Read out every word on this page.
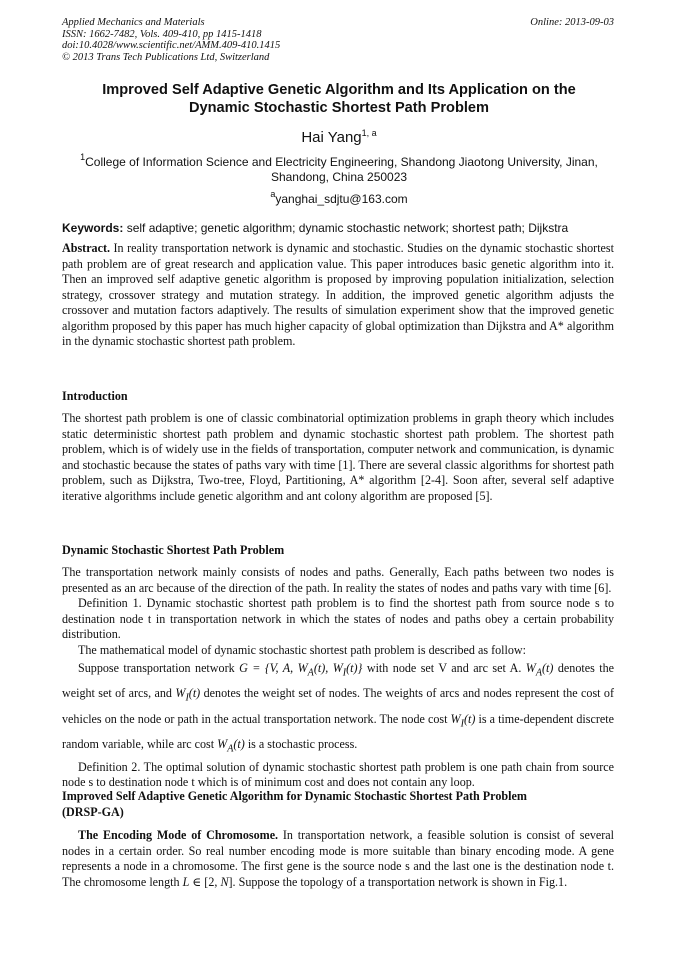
Applied Mechanics and Materials
ISSN: 1662-7482, Vols. 409-410, pp 1415-1418
doi:10.4028/www.scientific.net/AMM.409-410.1415
© 2013 Trans Tech Publications Ltd, Switzerland
Online: 2013-09-03
Improved Self Adaptive Genetic Algorithm and Its Application on the
Dynamic Stochastic Shortest Path Problem
Hai Yang$^{1, a}$
$^1$College of Information Science and Electricity Engineering, Shandong Jiaotong University, Jinan,
Shandong, China 250023
$^a$yanghai_sdjtu@163.com
Keywords: self adaptive; genetic algorithm; dynamic stochastic network; shortest path; Dijkstra

Abstract. In reality transportation network is dynamic and stochastic. Studies on the dynamic stochastic shortest path problem are of great research and application value. This paper introduces basic genetic algorithm into it. Then an improved self adaptive genetic algorithm is proposed by improving population initialization, selection strategy, crossover strategy and mutation strategy. In addition, the improved genetic algorithm adjusts the crossover and mutation factors adaptively. The results of simulation experiment show that the improved genetic algorithm proposed by this paper has much higher capacity of global optimization than Dijkstra and A* algorithm in the dynamic stochastic shortest path problem.

Introduction

The shortest path problem is one of classic combinatorial optimization problems in graph theory which includes static deterministic shortest path problem and dynamic stochastic shortest path problem. The shortest path problem, which is of widely use in the fields of transportation, computer network and communication, is dynamic and stochastic because the states of paths vary with time [1]. There are several classic algorithms for shortest path problem, such as Dijkstra, Two-tree, Floyd, Partitioning, A* algorithm [2-4]. Soon after, several self adaptive iterative algorithms include genetic algorithm and ant colony algorithm are proposed [5].

Dynamic Stochastic Shortest Path Problem

The transportation network mainly consists of nodes and paths. Generally, Each paths between two nodes is presented as an arc because of the direction of the path. In reality the states of nodes and paths vary with time [6].

Definition 1. Dynamic stochastic shortest path problem is to find the shortest path from source node s to destination node t in transportation network in which the states of nodes and paths obey a certain probability distribution.

The mathematical model of dynamic stochastic shortest path problem is described as follow:

Suppose transportation network G = {V, A, $W_A(t)$, $W_I(t)$} with node set V and arc set A. $W_A(t)$ denotes the weight set of arcs, and $W_I(t)$ denotes the weight set of nodes. The weights of arcs and nodes represent the cost of vehicles on the node or path in the actual transportation network. The node cost $W_I(t)$ is a time-dependent discrete random variable, while arc cost $W_A(t)$ is a stochastic process.

Definition 2. The optimal solution of dynamic stochastic shortest path problem is one path chain from source node s to destination node t which is of minimum cost and does not contain any loop.

Improved Self Adaptive Genetic Algorithm for Dynamic Stochastic Shortest Path Problem
(DRSP-GA)

The Encoding Mode of Chromosome. In transportation network, a feasible solution is consist of several nodes in a certain order. So real number encoding mode is more suitable than binary encoding mode. A gene represents a node in a chromosome. The first gene is the source node s and the last one is the destination node t. The chromosome length L ∈ [2, N]. Suppose the topology of a transportation network is shown in Fig.1.
